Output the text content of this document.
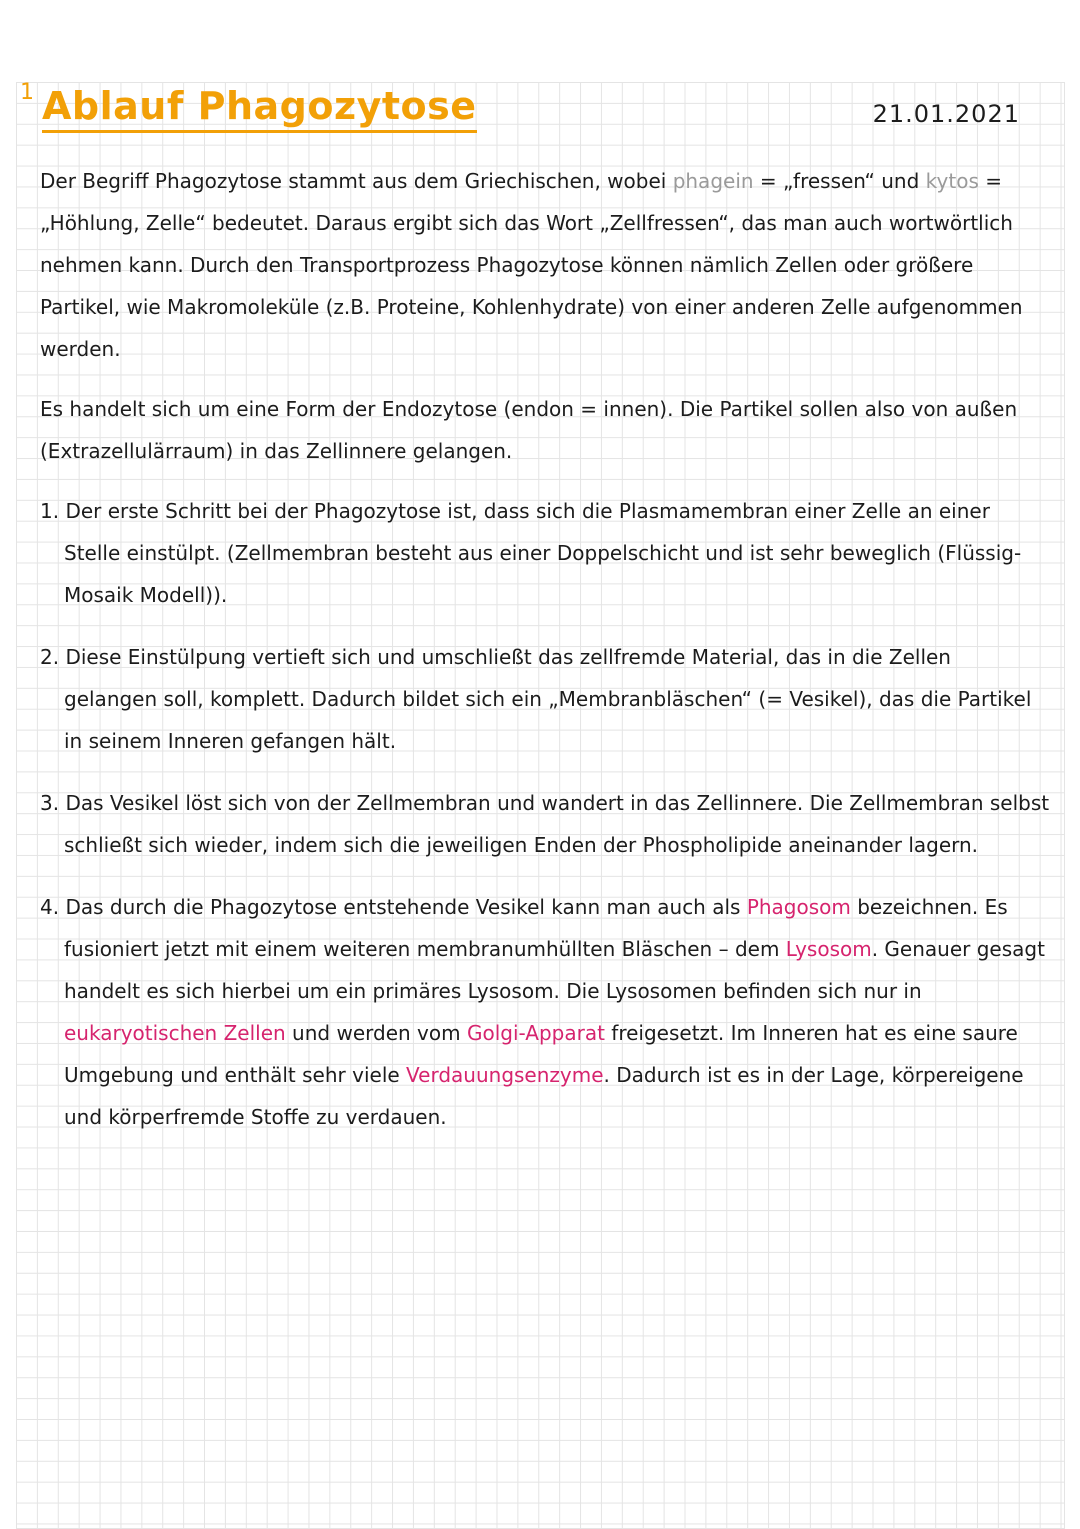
1 Ablauf Phagozytose	21.01.2021

Der Begriff Phagozytose stammt aus dem Griechischen, wobei phagein = „fressen“ und kytos = „Höhlung, Zelle“ bedeutet. Daraus ergibt sich das Wort „Zellfressen“, das man auch wortwörtlich nehmen kann. Durch den Transportprozess Phagozytose können nämlich Zellen oder größere Partikel, wie Makromoleküle (z.B. Proteine, Kohlenhydrate) von einer anderen Zelle aufgenommen werden.

Es handelt sich um eine Form der Endozytose (endon = innen). Die Partikel sollen also von außen (Extrazellulärraum) in das Zellinnere gelangen.

1. Der erste Schritt bei der Phagozytose ist, dass sich die Plasmamembran einer Zelle an einer Stelle einstülpt. (Zellmembran besteht aus einer Doppelschicht und ist sehr beweglich (Flüssig-Mosaik Modell)).

2. Diese Einstülpung vertieft sich und umschließt das zellfremde Material, das in die Zellen gelangen soll, komplett. Dadurch bildet sich ein „Membranbläschen“ (= Vesikel), das die Partikel in seinem Inneren gefangen hält.

3. Das Vesikel löst sich von der Zellmembran und wandert in das Zellinnere. Die Zellmembran selbst schließt sich wieder, indem sich die jeweiligen Enden der Phospholipide aneinander lagern.

4. Das durch die Phagozytose entstehende Vesikel kann man auch als Phagosom bezeichnen. Es fusioniert jetzt mit einem weiteren membranumhüllten Bläschen – dem Lysosom. Genauer gesagt handelt es sich hierbei um ein primäres Lysosom. Die Lysosomen befinden sich nur in eukaryotischen Zellen und werden vom Golgi-Apparat freigesetzt. Im Inneren hat es eine saure Umgebung und enthält sehr viele Verdauungsenzyme. Dadurch ist es in der Lage, körpereigene und körperfremde Stoffe zu verdauen.
